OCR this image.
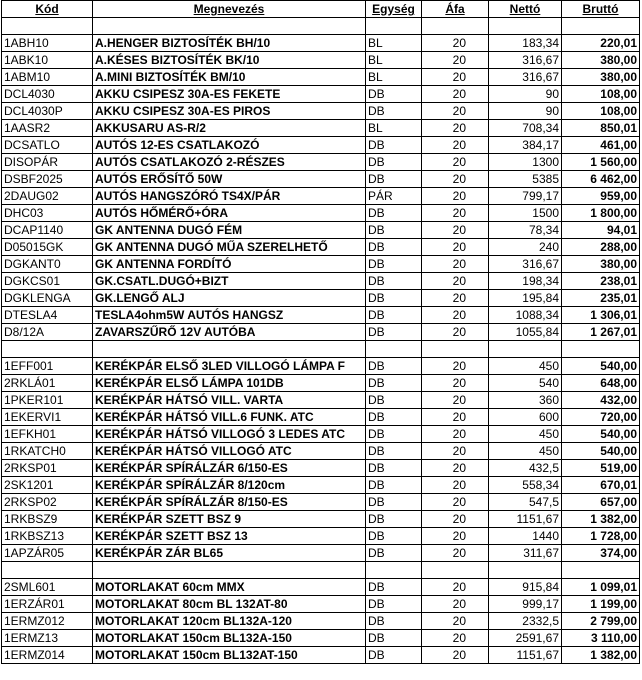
Kód	Megnevezés	Egység	Áfa	Nettó	Bruttó

1ABH10	A.HENGER BIZTOSÍTÉK BH/10	BL	20	183,34	220,01
1ABK10	A.KÉSES BIZTOSÍTÉK BK/10	BL	20	316,67	380,00
1ABM10	A.MINI BIZTOSÍTÉK BM/10	BL	20	316,67	380,00
DCL4030	AKKU CSIPESZ 30A-ES FEKETE	DB	20	90	108,00
DCL4030P	AKKU CSIPESZ 30A-ES PIROS	DB	20	90	108,00
1AASR2	AKKUSARU AS-R/2	BL	20	708,34	850,01
DCSATLO	AUTÓS 12-ES CSATLAKOZÓ	DB	20	384,17	461,00
DISOPÁR	AUTÓS CSATLAKOZÓ 2-RÉSZES	DB	20	1300	1 560,00
DSBF2025	AUTÓS ERŐSÍTŐ 50W	DB	20	5385	6 462,00
2DAUG02	AUTÓS HANGSZÓRÓ TS4X/PÁR	PÁR	20	799,17	959,00
DHC03	AUTÓS HŐMÉRŐ+ÓRA	DB	20	1500	1 800,00
DCAP1140	GK ANTENNA DUGÓ FÉM	DB	20	78,34	94,01
D05015GK	GK ANTENNA DUGÓ MŰA SZERELHETŐ	DB	20	240	288,00
DGKANT0	GK ANTENNA FORDÍTÓ	DB	20	316,67	380,00
DGKCS01	GK.CSATL.DUGÓ+BIZT	DB	20	198,34	238,01
DGKLENGA	GK.LENGŐ ALJ	DB	20	195,84	235,01
DTESLA4	TESLA4ohm5W AUTÓS HANGSZ	DB	20	1088,34	1 306,01
D8/12A	ZAVARSZŰRŐ 12V AUTÓBA	DB	20	1055,84	1 267,01

1EFF001	KERÉKPÁR ELSŐ 3LED VILLOGÓ LÁMPA F	DB	20	450	540,00
2RKLÁ01	KERÉKPÁR ELSŐ LÁMPA 101DB	DB	20	540	648,00
1PKER101	KERÉKPÁR HÁTSÓ VILL. VARTA	DB	20	360	432,00
1EKERVI1	KERÉKPÁR HÁTSÓ VILL.6 FUNK. ATC	DB	20	600	720,00
1EFKH01	KERÉKPÁR HÁTSÓ VILLOGÓ 3 LEDES ATC	DB	20	450	540,00
1RKATCH0	KERÉKPÁR HÁTSÓ VILLOGÓ ATC	DB	20	450	540,00
2RKSP01	KERÉKPÁR SPÍRÁLZÁR 6/150-ES	DB	20	432,5	519,00
2SK1201	KERÉKPÁR SPÍRÁLZÁR 8/120cm	DB	20	558,34	670,01
2RKSP02	KERÉKPÁR SPÍRÁLZÁR 8/150-ES	DB	20	547,5	657,00
1RKBSZ9	KERÉKPÁR SZETT BSZ 9	DB	20	1151,67	1 382,00
1RKBSZ13	KERÉKPÁR SZETT BSZ 13	DB	20	1440	1 728,00
1APZÁR05	KERÉKPÁR ZÁR BL65	DB	20	311,67	374,00

2SML601	MOTORLAKAT 60cm MMX	DB	20	915,84	1 099,01
1ERZÁR01	MOTORLAKAT 80cm BL 132AT-80	DB	20	999,17	1 199,00
1ERMZ012	MOTORLAKAT 120cm BL132A-120	DB	20	2332,5	2 799,00
1ERMZ13	MOTORLAKAT 150cm BL132A-150	DB	20	2591,67	3 110,00
1ERMZ014	MOTORLAKAT 150cm BL132AT-150	DB	20	1151,67	1 382,00
